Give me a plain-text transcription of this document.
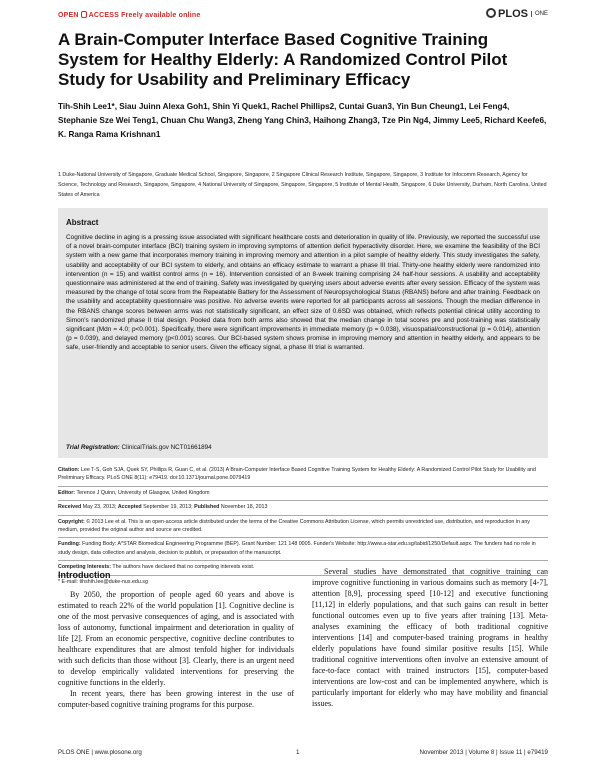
OPEN ACCESS Freely available online	PLOS ONE
A Brain-Computer Interface Based Cognitive Training System for Healthy Elderly: A Randomized Control Pilot Study for Usability and Preliminary Efficacy
Tih-Shih Lee1*, Siau Juinn Alexa Goh1, Shin Yi Quek1, Rachel Phillips2, Cuntai Guan3, Yin Bun Cheung1, Lei Feng4, Stephanie Sze Wei Teng1, Chuan Chu Wang3, Zheng Yang Chin3, Haihong Zhang3, Tze Pin Ng4, Jimmy Lee5, Richard Keefe6, K. Ranga Rama Krishnan1
1 Duke-National University of Singapore, Graduate Medical School, Singapore, Singapore, 2 Singapore Clinical Research Institute, Singapore, Singapore, 3 Institute for Infocomm Research, Agency for Science, Technology and Research, Singapore, Singapore, 4 National University of Singapore, Singapore, Singapore, 5 Institute of Mental Health, Singapore, 6 Duke University, Durham, North Carolina, United States of America
Abstract
Cognitive decline in aging is a pressing issue associated with significant healthcare costs and deterioration in quality of life. Previously, we reported the successful use of a novel brain-computer interface (BCI) training system in improving symptoms of attention deficit hyperactivity disorder. Here, we examine the feasibility of the BCI system with a new game that incorporates memory training in improving memory and attention in a pilot sample of healthy elderly. This study investigates the safety, usability and acceptability of our BCI system to elderly, and obtains an efficacy estimate to warrant a phase III trial. Thirty-one healthy elderly were randomized into intervention (n = 15) and waitlist control arms (n = 16). Intervention consisted of an 8-week training comprising 24 half-hour sessions. A usability and acceptability questionnaire was administered at the end of training. Safety was investigated by querying users about adverse events after every session. Efficacy of the system was measured by the change of total score from the Repeatable Battery for the Assessment of Neuropsychological Status (RBANS) before and after training. Feedback on the usability and acceptability questionnaire was positive. No adverse events were reported for all participants across all sessions. Though the median difference in the RBANS change scores between arms was not statistically significant, an effect size of 0.6SD was obtained, which reflects potential clinical utility according to Simon's randomized phase II trial design. Pooled data from both arms also showed that the median change in total scores pre and post-training was statistically significant (Mdn = 4.0; p<0.001). Specifically, there were significant improvements in immediate memory (p = 0.038), visuospatial/constructional (p = 0.014), attention (p = 0.039), and delayed memory (p<0.001) scores. Our BCI-based system shows promise in improving memory and attention in healthy elderly, and appears to be safe, user-friendly and acceptable to senior users. Given the efficacy signal, a phase III trial is warranted.
Trial Registration: ClinicalTrials.gov NCT01661894
Citation: Lee T-S, Goh SJA, Quek SY, Phillips R, Guan C, et al. (2013) A Brain-Computer Interface Based Cognitive Training System for Healthy Elderly: A Randomized Control Pilot Study for Usability and Preliminary Efficacy. PLoS ONE 8(11): e79419. doi:10.1371/journal.pone.0079419
Editor: Terence J Quinn, University of Glasgow, United Kingdom
Received May 23, 2013; Accepted September 19, 2013; Published November 18, 2013
Copyright: © 2013 Lee et al. This is an open-access article distributed under the terms of the Creative Commons Attribution License, which permits unrestricted use, distribution, and reproduction in any medium, provided the original author and source are credited.
Funding: Funding Body: A*STAR Biomedical Engineering Programme (BEP). Grant Number: 121 148 0005. Funder's Website: http://www.a-star.edu.sg/tabid/1250/Default.aspx. The funders had no role in study design, data collection and analysis, decision to publish, or preparation of the manuscript.
Competing Interests: The authors have declared that no competing interests exist.
* E-mail: tihshih.lee@duke-nus.edu.sg
Introduction

By 2050, the proportion of people aged 60 years and above is estimated to reach 22% of the world population [1]. Cognitive decline is one of the most pervasive consequences of aging, and is associated with loss of autonomy, functional impairment and deterioration in quality of life [2]. From an economic perspective, cognitive decline contributes to healthcare expenditures that are almost tenfold higher for individuals with such deficits than those without [3]. Clearly, there is an urgent need to develop empirically validated interventions for preserving the cognitive functions in the elderly.

In recent years, there has been growing interest in the use of computer-based cognitive training programs for this purpose.

Several studies have demonstrated that cognitive training can improve cognitive functioning in various domains such as memory [4-7], attention [8,9], processing speed [10-12] and executive functioning [11,12] in elderly populations, and that such gains can result in better functional outcomes even up to five years after training [13]. Meta-analyses examining the efficacy of both traditional cognitive interventions [14] and computer-based training programs in healthy elderly populations have found similar positive results [15]. While traditional cognitive interventions often involve an extensive amount of face-to-face contact with trained instructors [15], computer-based interventions are low-cost and can be implemented anywhere, which is particularly important for elderly who may have mobility and financial issues.

PLOS ONE | www.plosone.org	1	November 2013 | Volume 8 | Issue 11 | e79419
